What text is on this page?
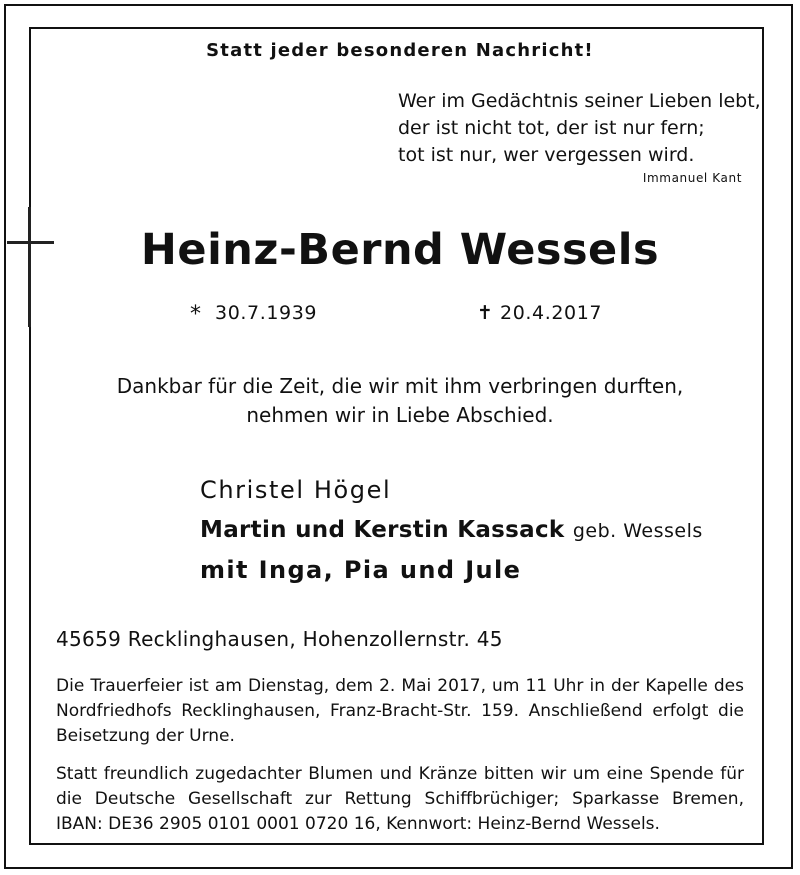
Statt jeder besonderen Nachricht!
Wer im Gedächtnis seiner Lieben lebt,
der ist nicht tot, der ist nur fern;
tot ist nur, wer vergessen wird.
Immanuel Kant
Heinz-Bernd Wessels
* 30.7.1939	✝ 20.4.2017
Dankbar für die Zeit, die wir mit ihm verbringen durften,
nehmen wir in Liebe Abschied.
Christel Högel
Martin und Kerstin Kassack geb. Wessels
mit Inga, Pia und Jule
45659 Recklinghausen, Hohenzollernstr. 45
Die Trauerfeier ist am Dienstag, dem 2. Mai 2017, um 11 Uhr in der Kapelle des Nordfriedhofs Recklinghausen, Franz-Bracht-Str. 159. Anschließend erfolgt die Beisetzung der Urne.
Statt freundlich zugedachter Blumen und Kränze bitten wir um eine Spende für die Deutsche Gesellschaft zur Rettung Schiffbrüchiger; Sparkasse Bremen, IBAN: DE36 2905 0101 0001 0720 16, Kennwort: Heinz-Bernd Wessels.
